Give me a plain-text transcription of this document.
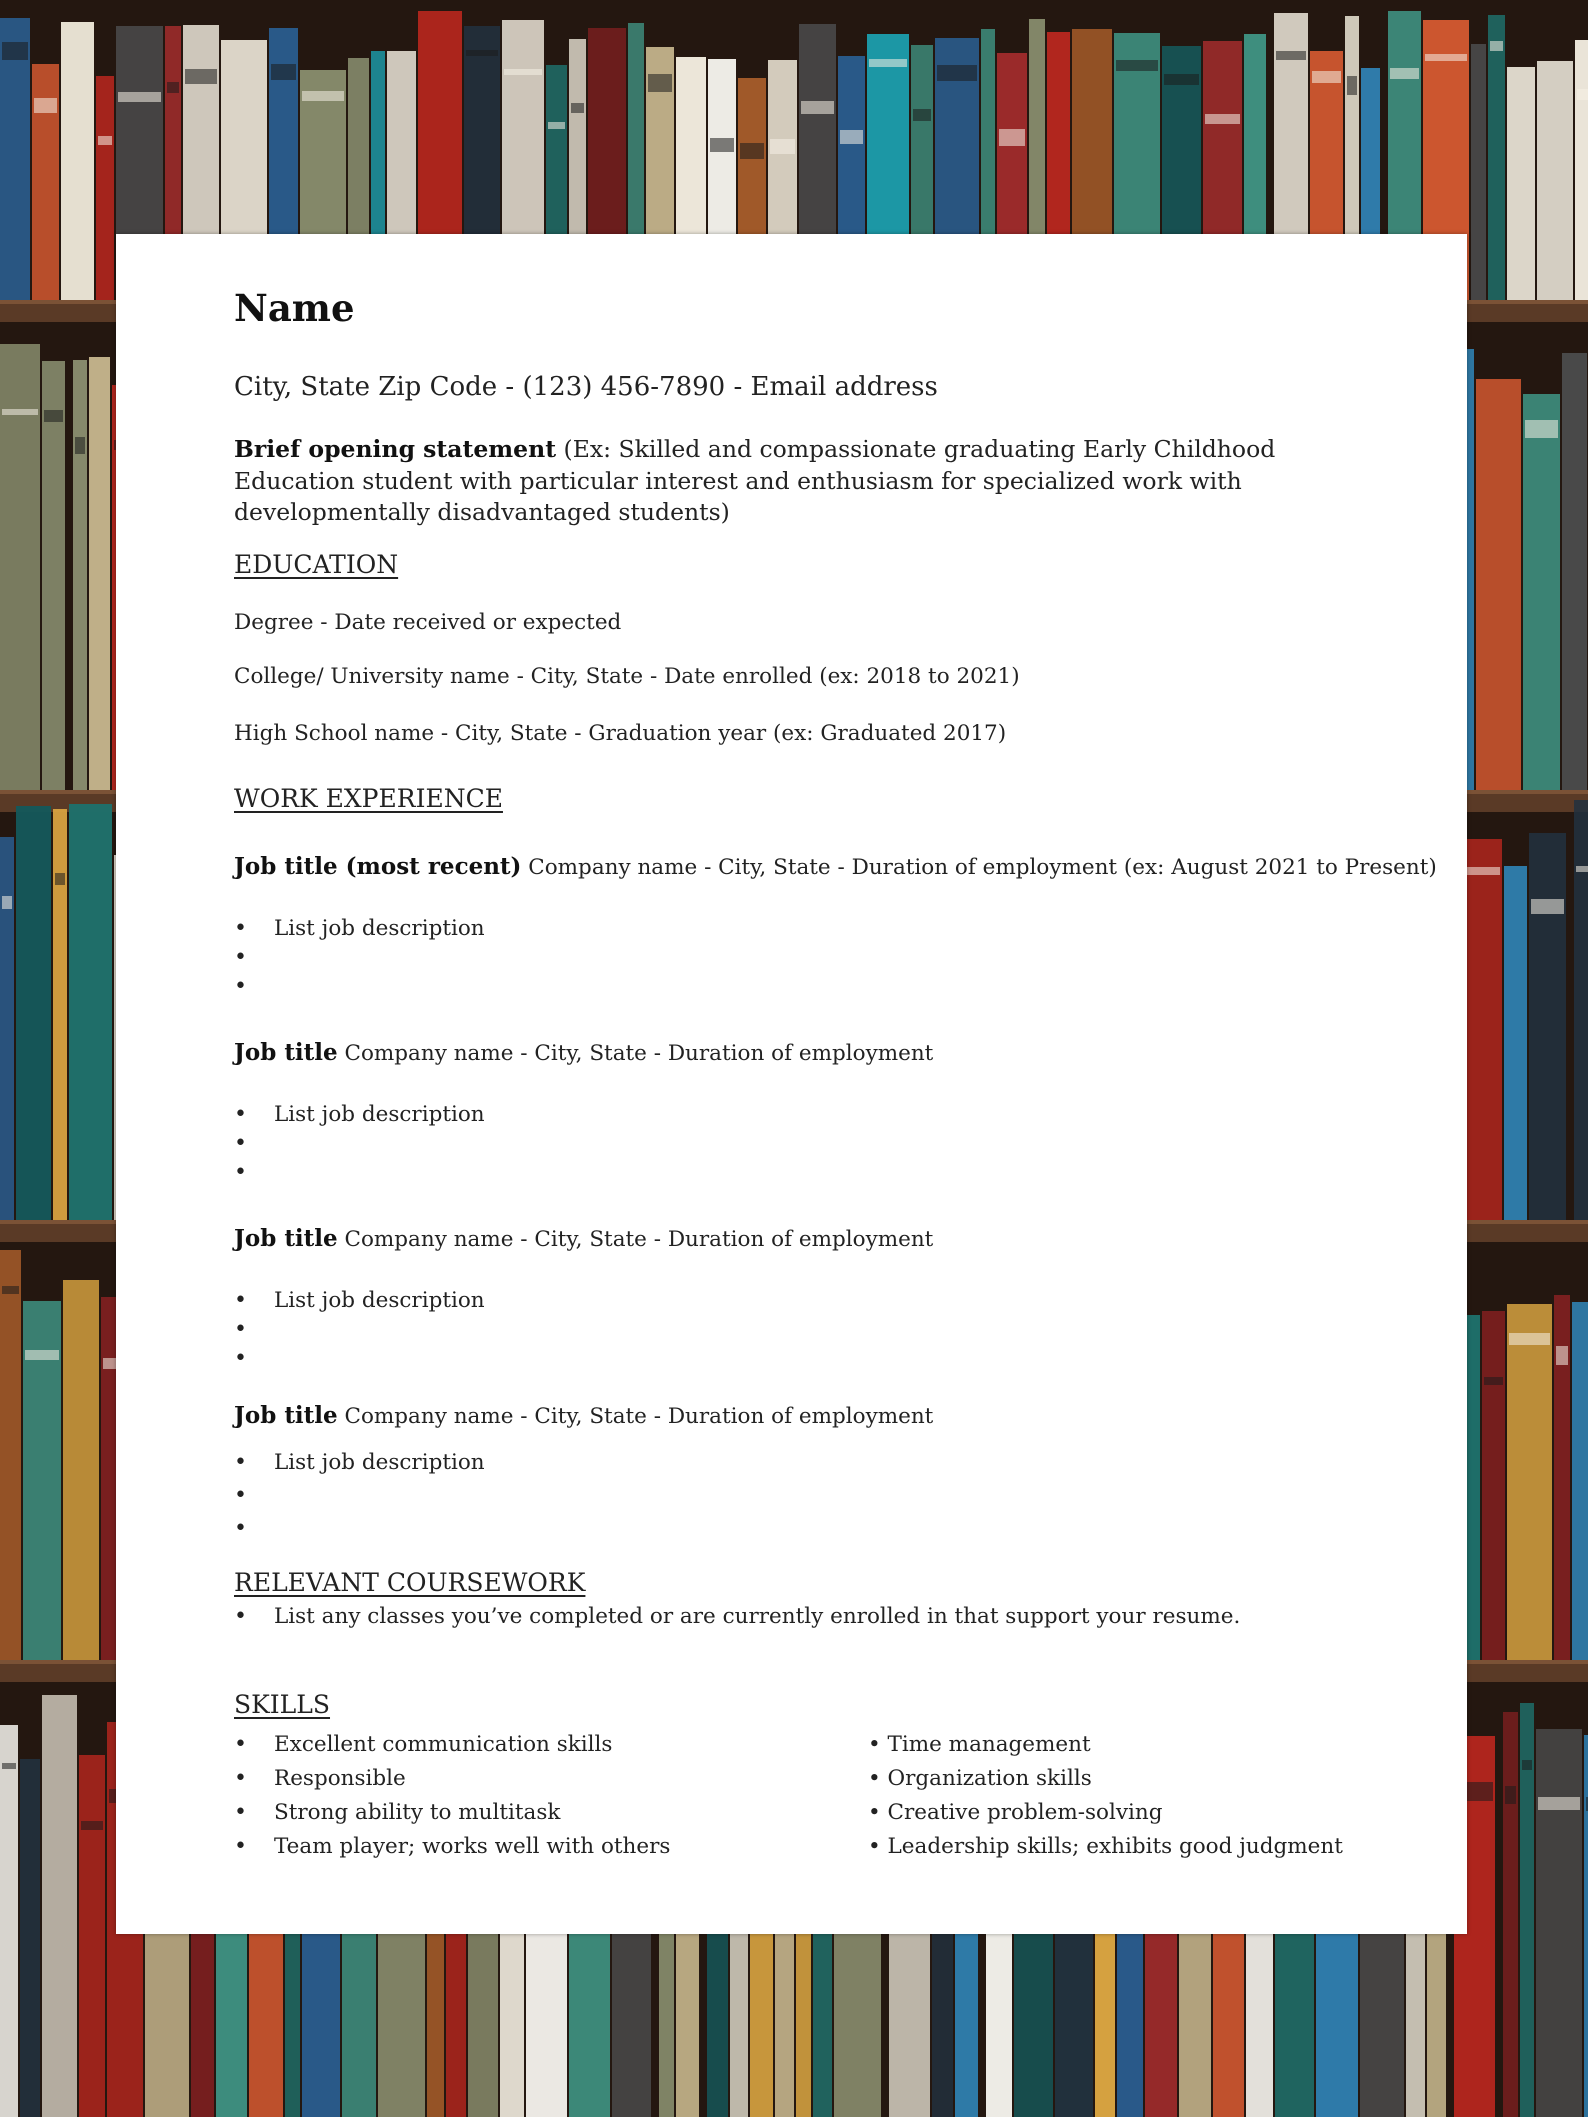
Name
City, State Zip Code - (123) 456-7890 - Email address
Brief opening statement (Ex: Skilled and compassionate graduating Early Childhood Education student with particular interest and enthusiasm for specialized work with developmentally disadvantaged students)
EDUCATION
Degree - Date received or expected
College/ University name - City, State - Date enrolled (ex: 2018 to 2021)
High School name - City, State - Graduation year (ex: Graduated 2017)
WORK EXPERIENCE
Job title (most recent) Company name - City, State - Duration of employment (ex: August 2021 to Present)
• List job description
•
•
Job title Company name - City, State - Duration of employment
• List job description
•
•
Job title Company name - City, State - Duration of employment
• List job description
•
•
Job title Company name - City, State - Duration of employment
• List job description
•
•
RELEVANT COURSEWORK
• List any classes you’ve completed or are currently enrolled in that support your resume.
SKILLS
• Excellent communication skills
• Responsible
• Strong ability to multitask
• Team player; works well with others
• Time management
• Organization skills
• Creative problem-solving
• Leadership skills; exhibits good judgment
